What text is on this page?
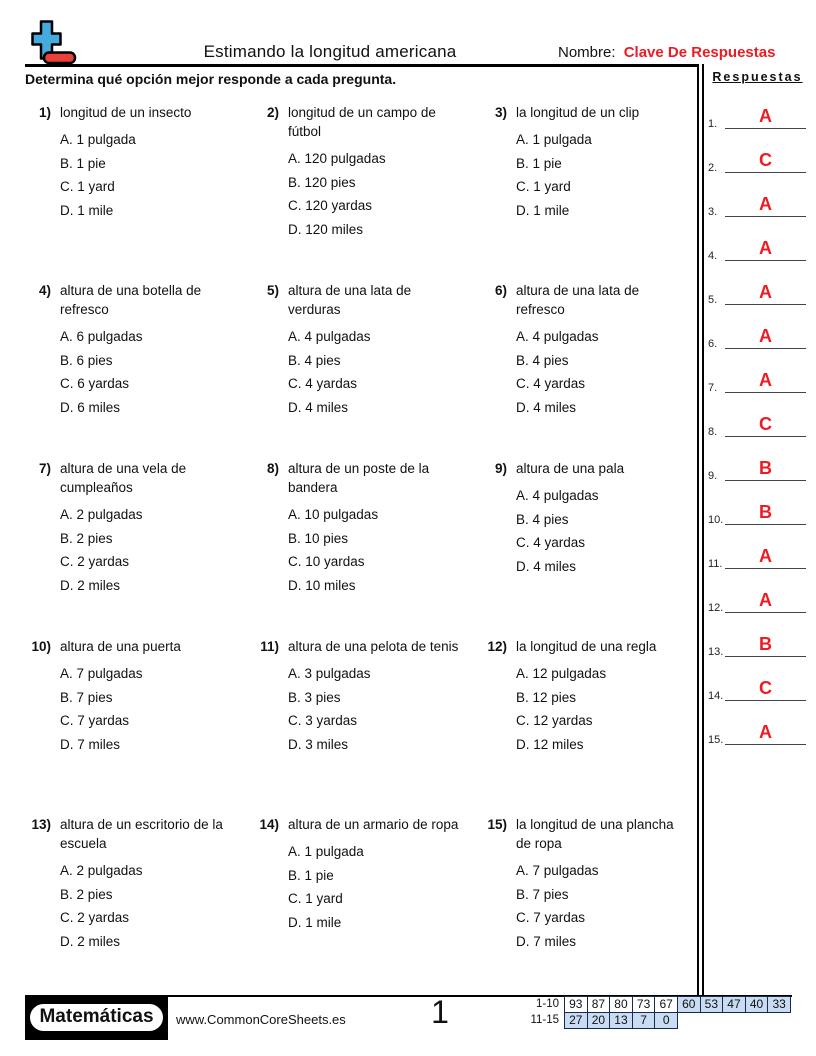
Estimando la longitud americana	Nombre: Clave De Respuestas
Determina qué opción mejor responde a cada pregunta.
1) longitud de un insecto
A. 1 pulgada
B. 1 pie
C. 1 yard
D. 1 mile
2) longitud de un campo de fútbol
A. 120 pulgadas
B. 120 pies
C. 120 yardas
D. 120 miles
3) la longitud de un clip
A. 1 pulgada
B. 1 pie
C. 1 yard
D. 1 mile
4) altura de una botella de refresco
A. 6 pulgadas
B. 6 pies
C. 6 yardas
D. 6 miles
5) altura de una lata de verduras
A. 4 pulgadas
B. 4 pies
C. 4 yardas
D. 4 miles
6) altura de una lata de refresco
A. 4 pulgadas
B. 4 pies
C. 4 yardas
D. 4 miles
7) altura de una vela de cumpleaños
A. 2 pulgadas
B. 2 pies
C. 2 yardas
D. 2 miles
8) altura de un poste de la bandera
A. 10 pulgadas
B. 10 pies
C. 10 yardas
D. 10 miles
9) altura de una pala
A. 4 pulgadas
B. 4 pies
C. 4 yardas
D. 4 miles
10) altura de una puerta
A. 7 pulgadas
B. 7 pies
C. 7 yardas
D. 7 miles
11) altura de una pelota de tenis
A. 3 pulgadas
B. 3 pies
C. 3 yardas
D. 3 miles
12) la longitud de una regla
A. 12 pulgadas
B. 12 pies
C. 12 yardas
D. 12 miles
13) altura de un escritorio de la escuela
A. 2 pulgadas
B. 2 pies
C. 2 yardas
D. 2 miles
14) altura de un armario de ropa
A. 1 pulgada
B. 1 pie
C. 1 yard
D. 1 mile
15) la longitud de una plancha de ropa
A. 7 pulgadas
B. 7 pies
C. 7 yardas
D. 7 miles
Respuestas
1.	A
2.	C
3.	A
4.	A
5.	A
6.	A
7.	A
8.	C
9.	B
10.	B
11.	A
12.	A
13.	B
14.	C
15.	A
Matemáticas	www.CommonCoreSheets.es	1	1-10 93 87 80 73 67 60 53 47 40 33
11-15 27 20 13	7	0
